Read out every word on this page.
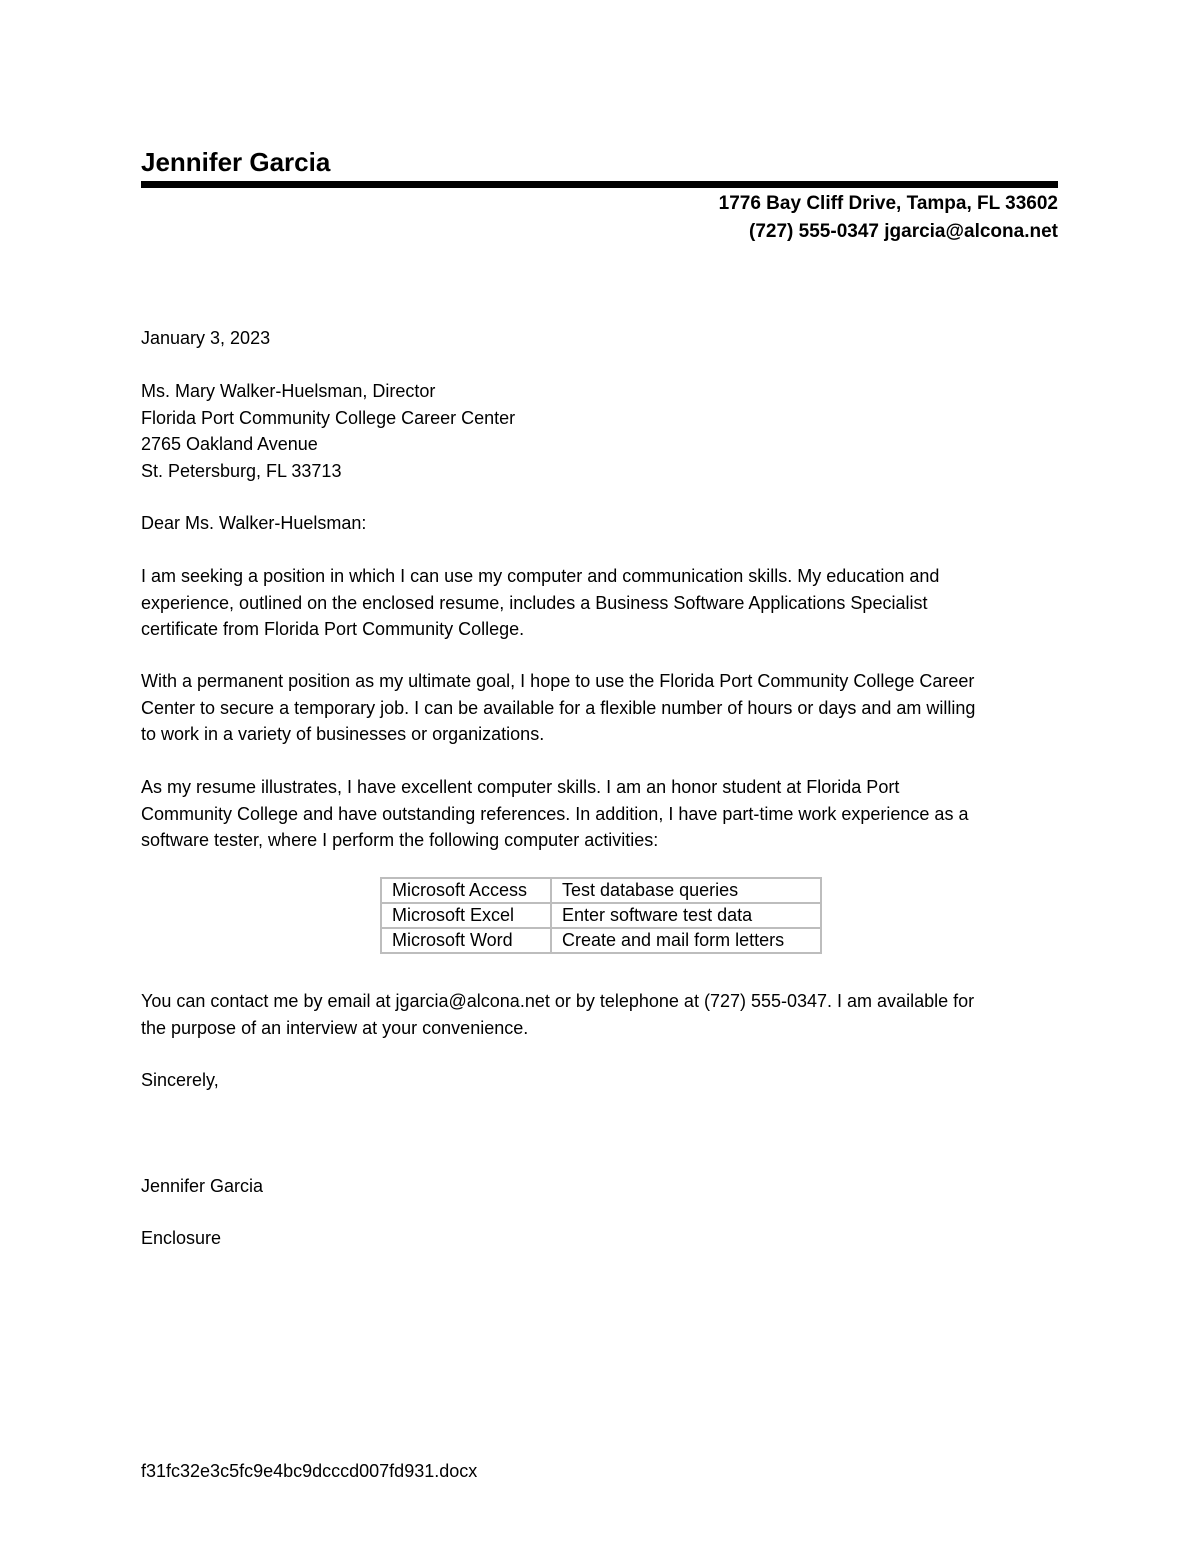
Jennifer Garcia
1776 Bay Cliff Drive, Tampa, FL 33602
(727) 555-0347 jgarcia@alcona.net
January 3, 2023
Ms. Mary Walker-Huelsman, Director
Florida Port Community College Career Center
2765 Oakland Avenue
St. Petersburg, FL 33713
Dear Ms. Walker-Huelsman:
I am seeking a position in which I can use my computer and communication skills. My education and
experience, outlined on the enclosed resume, includes a Business Software Applications Specialist
certificate from Florida Port Community College.
With a permanent position as my ultimate goal, I hope to use the Florida Port Community College Career
Center to secure a temporary job. I can be available for a flexible number of hours or days and am willing
to work in a variety of businesses or organizations.
As my resume illustrates, I have excellent computer skills. I am an honor student at Florida Port
Community College and have outstanding references. In addition, I have part-time work experience as a
software tester, where I perform the following computer activities:
Microsoft Access	Test database queries
Microsoft Excel	Enter software test data
Microsoft Word	Create and mail form letters
You can contact me by email at jgarcia@alcona.net or by telephone at (727) 555-0347. I am available for
the purpose of an interview at your convenience.
Sincerely,
Jennifer Garcia
Enclosure
f31fc32e3c5fc9e4bc9dcccd007fd931.docx
